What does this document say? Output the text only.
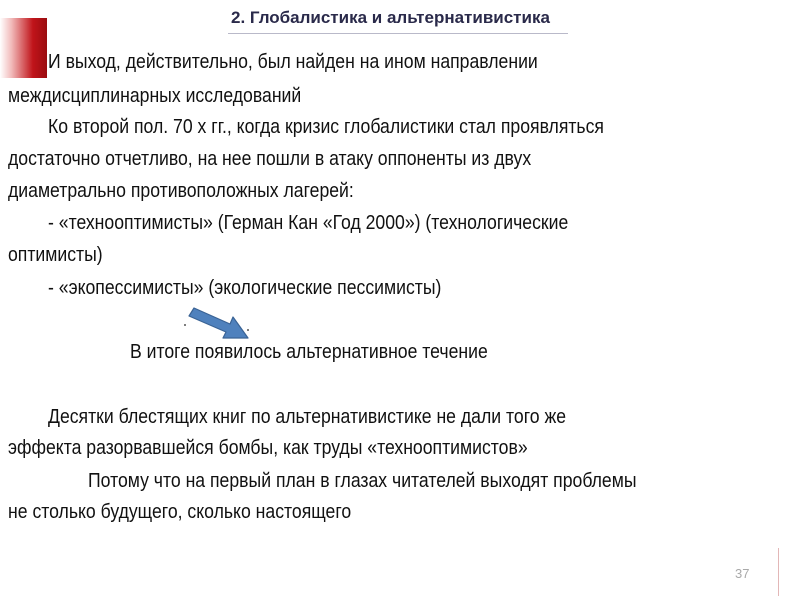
2. Глобалистика и альтернативистика
И выход, действительно, был найден на ином направлении
междисциплинарных исследований
Ко второй пол. 70 х гг., когда кризис глобалистики стал проявляться
достаточно отчетливо, на нее пошли в атаку оппоненты из двух
диаметрально противоположных лагерей:
- «технооптимисты» (Герман Кан «Год 2000») (технологические
оптимисты)
- «экопессимисты» (экологические пессимисты)
В итоге появилось альтернативное течение
Десятки блестящих книг по альтернативистике не дали того же
эффекта разорвавшейся бомбы, как труды «технооптимистов»
Потому что на первый план в глазах читателей выходят проблемы
не столько будущего, сколько настоящего
37
